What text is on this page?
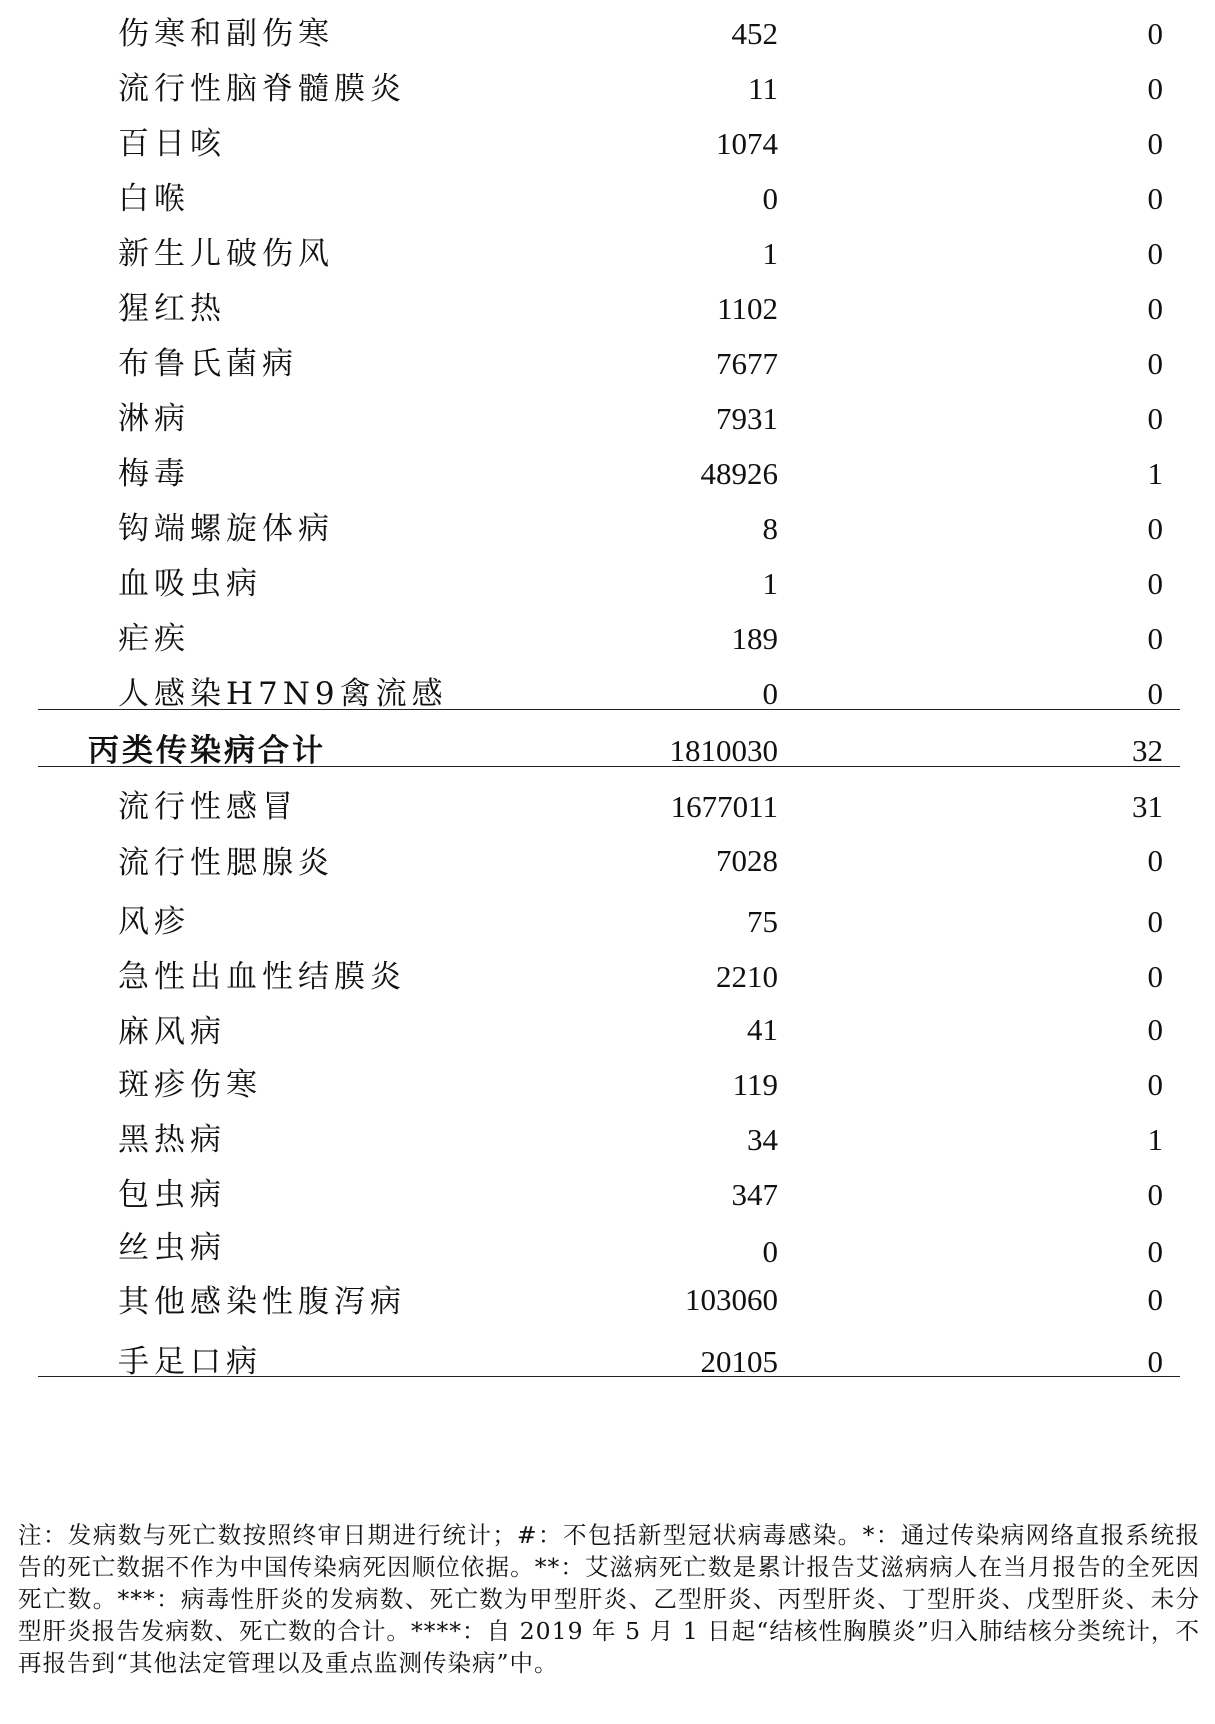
伤寒和副伤寒	452	0
流行性脑脊髓膜炎	11	0
百日咳	1074	0
白喉	0	0
新生儿破伤风	1	0
猩红热	1102	0
布鲁氏菌病	7677	0
淋病	7931	0
梅毒	48926	1
钩端螺旋体病	8	0
血吸虫病	1	0
疟疾	189	0
人感染H7N9禽流感	0	0
丙类传染病合计	1810030	32
流行性感冒	1677011	31
流行性腮腺炎	7028	0
风疹	75	0
急性出血性结膜炎	2210	0
麻风病	41	0
斑疹伤寒	119	0
黑热病	34	1
包虫病	347	0
丝虫病	0	0
其他感染性腹泻病	103060	0
手足口病	20105	0

注：发病数与死亡数按照终审日期进行统计；#：不包括新型冠状病毒感染。*：通过传染病网络直报系统报告的死亡数据不作为中国传染病死因顺位依据。**：艾滋病死亡数是累计报告艾滋病病人在当月报告的全死因死亡数。***：病毒性肝炎的发病数、死亡数为甲型肝炎、乙型肝炎、丙型肝炎、丁型肝炎、戊型肝炎、未分型肝炎报告发病数、死亡数的合计。****：自 2019 年 5 月 1 日起“结核性胸膜炎”归入肺结核分类统计，不再报告到“其他法定管理以及重点监测传染病”中。
